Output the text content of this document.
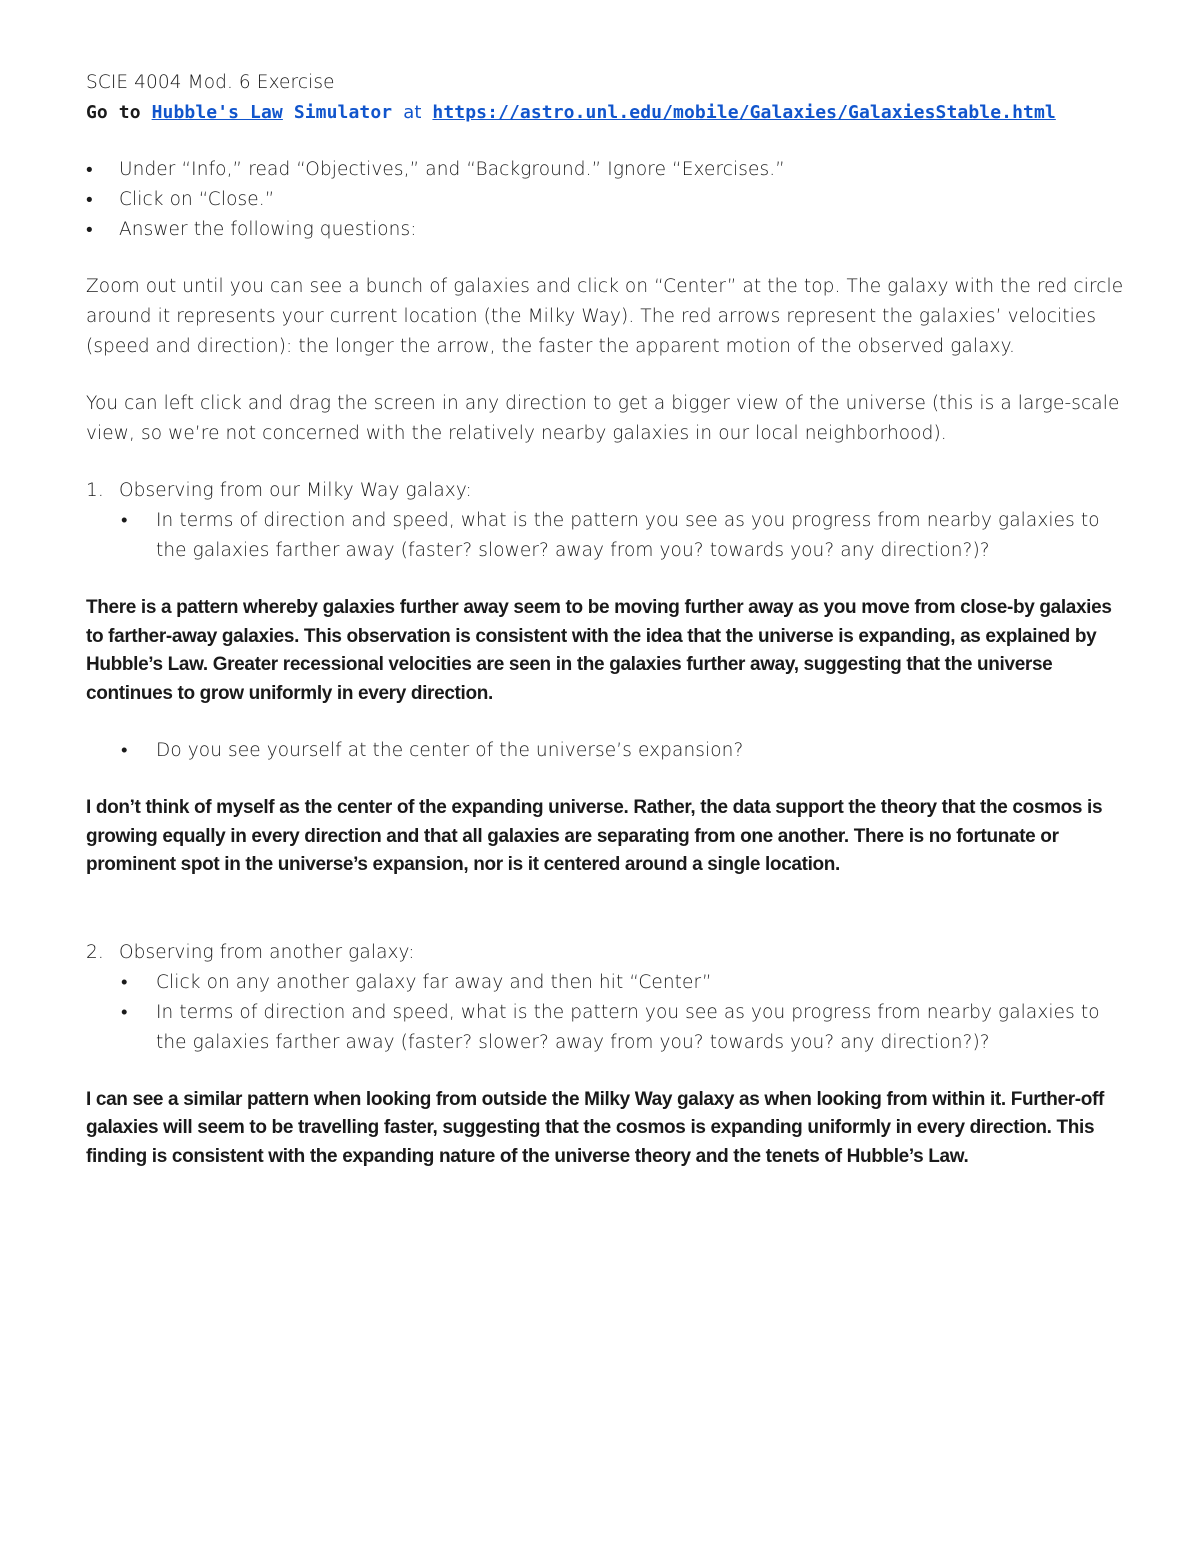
SCIE 4004 Mod. 6 Exercise
Go to Hubble's Law Simulator at https://astro.unl.edu/mobile/Galaxies/GalaxiesStable.html
• Under “Info,” read “Objectives,” and “Background.” Ignore “Exercises.”
• Click on “Close.”
• Answer the following questions:

Zoom out until you can see a bunch of galaxies and click on “Center” at the top. The galaxy with the red circle around it represents your current location (the Milky Way). The red arrows represent the galaxies’ velocities (speed and direction): the longer the arrow, the faster the apparent motion of the observed galaxy.

You can left click and drag the screen in any direction to get a bigger view of the universe (this is a large-scale view, so we’re not concerned with the relatively nearby galaxies in our local neighborhood).

1. Observing from our Milky Way galaxy:
• In terms of direction and speed, what is the pattern you see as you progress from nearby galaxies to the galaxies farther away (faster? slower? away from you? towards you? any direction?)?

There is a pattern whereby galaxies further away seem to be moving further away as you move from close-by galaxies to farther-away galaxies. This observation is consistent with the idea that the universe is expanding, as explained by Hubble’s Law. Greater recessional velocities are seen in the galaxies further away, suggesting that the universe continues to grow uniformly in every direction.

• Do you see yourself at the center of the universe’s expansion?

I don’t think of myself as the center of the expanding universe. Rather, the data support the theory that the cosmos is growing equally in every direction and that all galaxies are separating from one another. There is no fortunate or prominent spot in the universe’s expansion, nor is it centered around a single location.

2. Observing from another galaxy:
• Click on any another galaxy far away and then hit “Center”
• In terms of direction and speed, what is the pattern you see as you progress from nearby galaxies to the galaxies farther away (faster? slower? away from you? towards you? any direction?)?

I can see a similar pattern when looking from outside the Milky Way galaxy as when looking from within it. Further-off galaxies will seem to be travelling faster, suggesting that the cosmos is expanding uniformly in every direction. This finding is consistent with the expanding nature of the universe theory and the tenets of Hubble’s Law.
